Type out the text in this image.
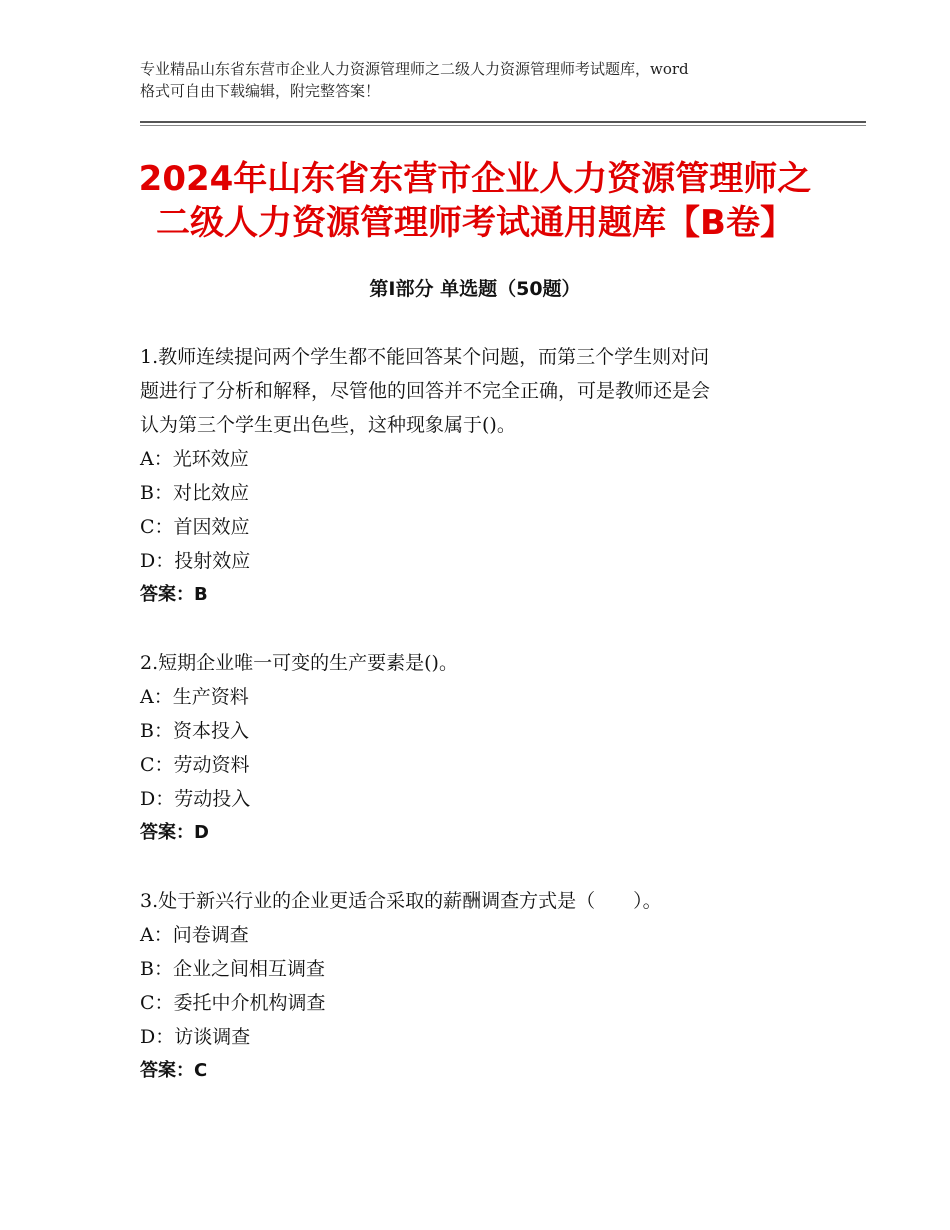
专业精品山东省东营市企业人力资源管理师之二级人力资源管理师考试题库，word
格式可自由下载编辑，附完整答案！
2024年山东省东营市企业人力资源管理师之
二级人力资源管理师考试通用题库【B卷】
第Ⅰ部分 单选题（50题）

1.教师连续提问两个学生都不能回答某个问题，而第三个学生则对问

题进行了分析和解释，尽管他的回答并不完全正确，可是教师还是会

认为第三个学生更出色些，这种现象属于()。

A：光环效应

B：对比效应

C：首因效应

D：投射效应

答案：B

2.短期企业唯一可变的生产要素是()。

A：生产资料

B：资本投入

C：劳动资料

D：劳动投入

答案：D

3.处于新兴行业的企业更适合采取的薪酬调查方式是（　　）。

A：问卷调查

B：企业之间相互调查

C：委托中介机构调查

D：访谈调查

答案：C
